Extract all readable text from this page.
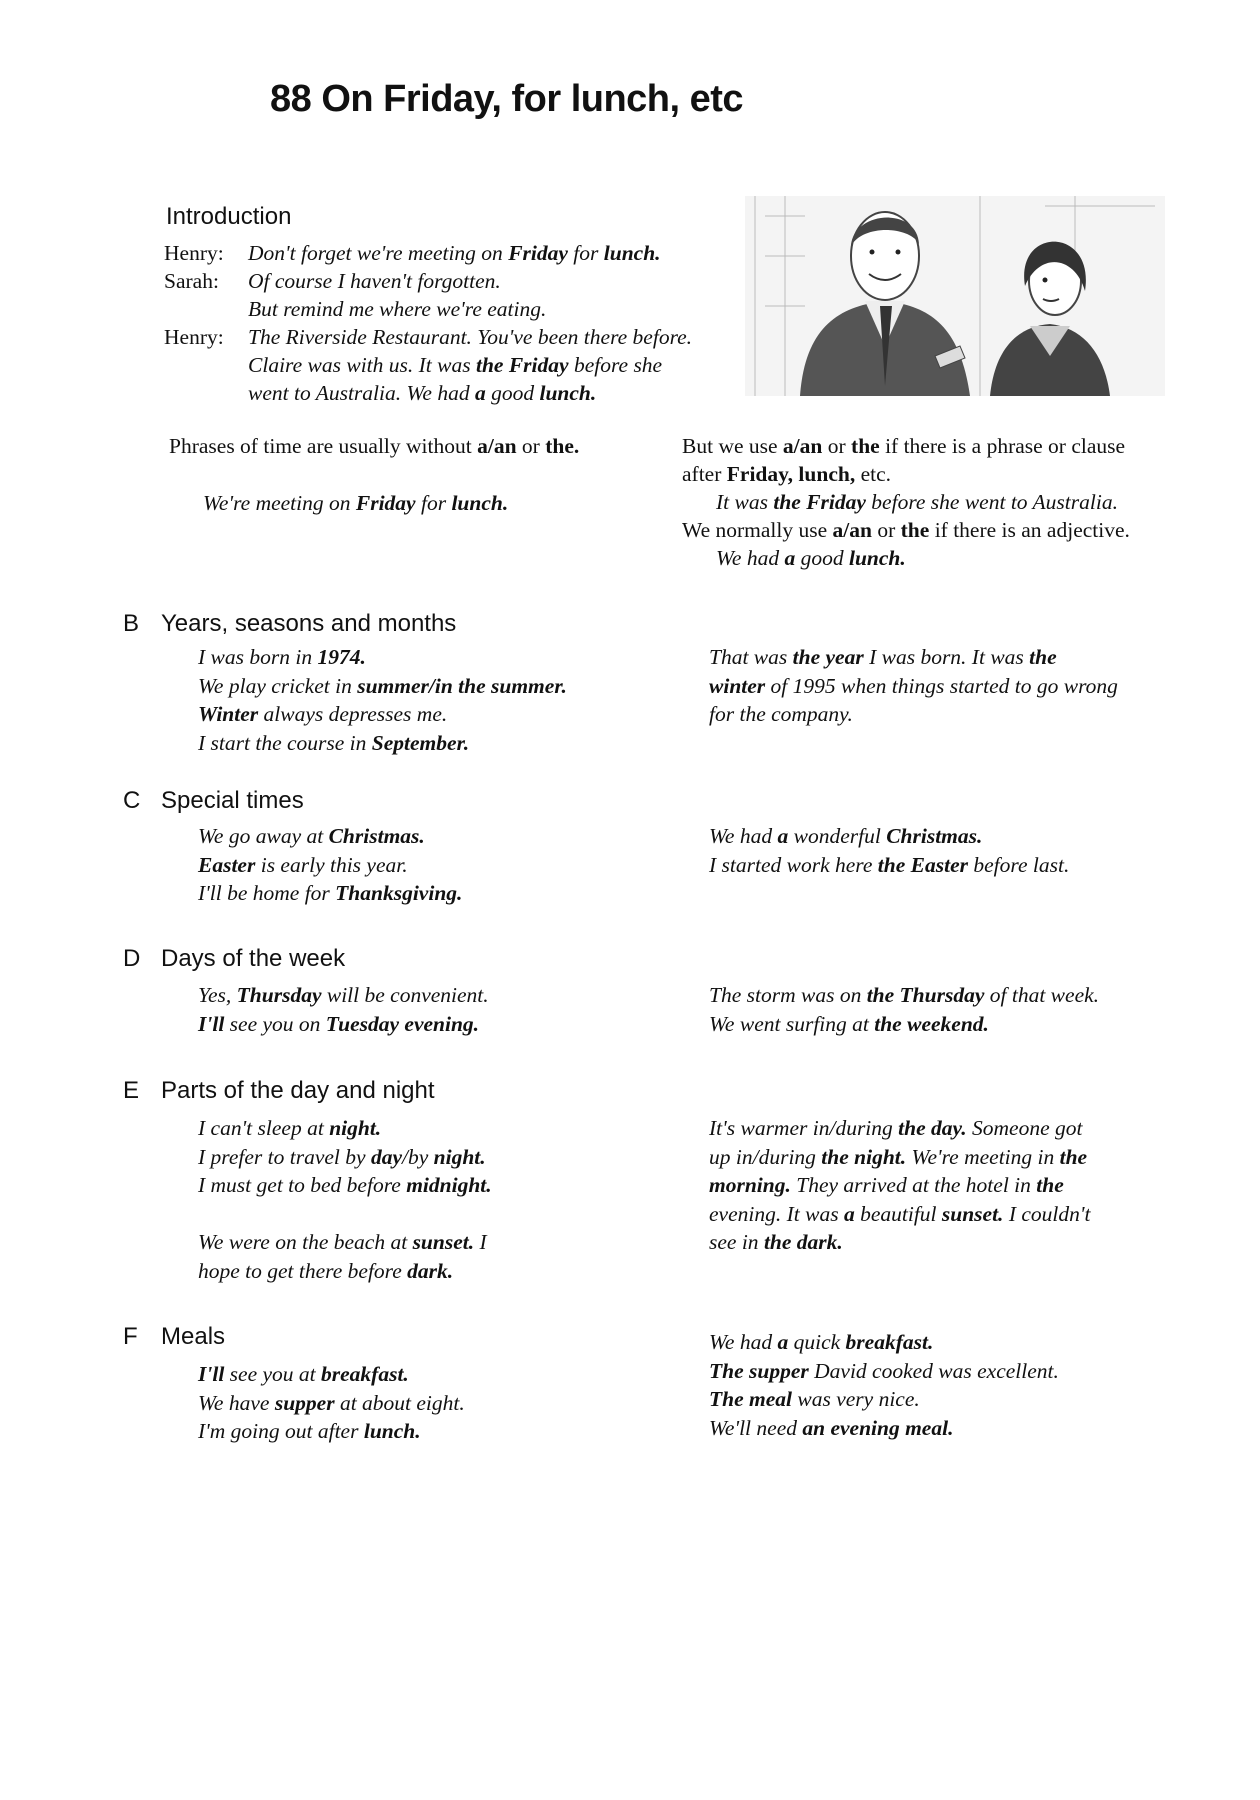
88 On Friday, for lunch, etc
Introduction
Henry: Don't forget we're meeting on Friday for lunch.
Sarah: Of course I haven't forgotten.
But remind me where we're eating.
Henry: The Riverside Restaurant. You've been there before.
Claire was with us. It was the Friday before she
went to Australia. We had a good lunch.
Phrases of time are usually without a/an or the.
We're meeting on Friday for lunch.
But we use a/an or the if there is a phrase or clause
after Friday, lunch, etc.
It was the Friday before she went to Australia.
We normally use a/an or the if there is an adjective.
We had a good lunch.
B Years, seasons and months
I was born in 1974.
We play cricket in summer/in the summer.
Winter always depresses me.
I start the course in September.
That was the year I was born. It was the
winter of 1995 when things started to go wrong
for the company.
C Special times
We go away at Christmas.
Easter is early this year.
I'll be home for Thanksgiving.
We had a wonderful Christmas.
I started work here the Easter before last.
D Days of the week
Yes, Thursday will be convenient.
I'll see you on Tuesday evening.
The storm was on the Thursday of that week.
We went surfing at the weekend.
E Parts of the day and night
I can't sleep at night.
I prefer to travel by day/by night.
I must get to bed before midnight.

We were on the beach at sunset. I
hope to get there before dark.
It's warmer in/during the day. Someone got
up in/during the night. We're meeting in the
morning. They arrived at the hotel in the
evening. It was a beautiful sunset. I couldn't
see in the dark.
F Meals
I'll see you at breakfast.
We have supper at about eight.
I'm going out after lunch.
We had a quick breakfast.
The supper David cooked was excellent.
The meal was very nice.
We'll need an evening meal.
